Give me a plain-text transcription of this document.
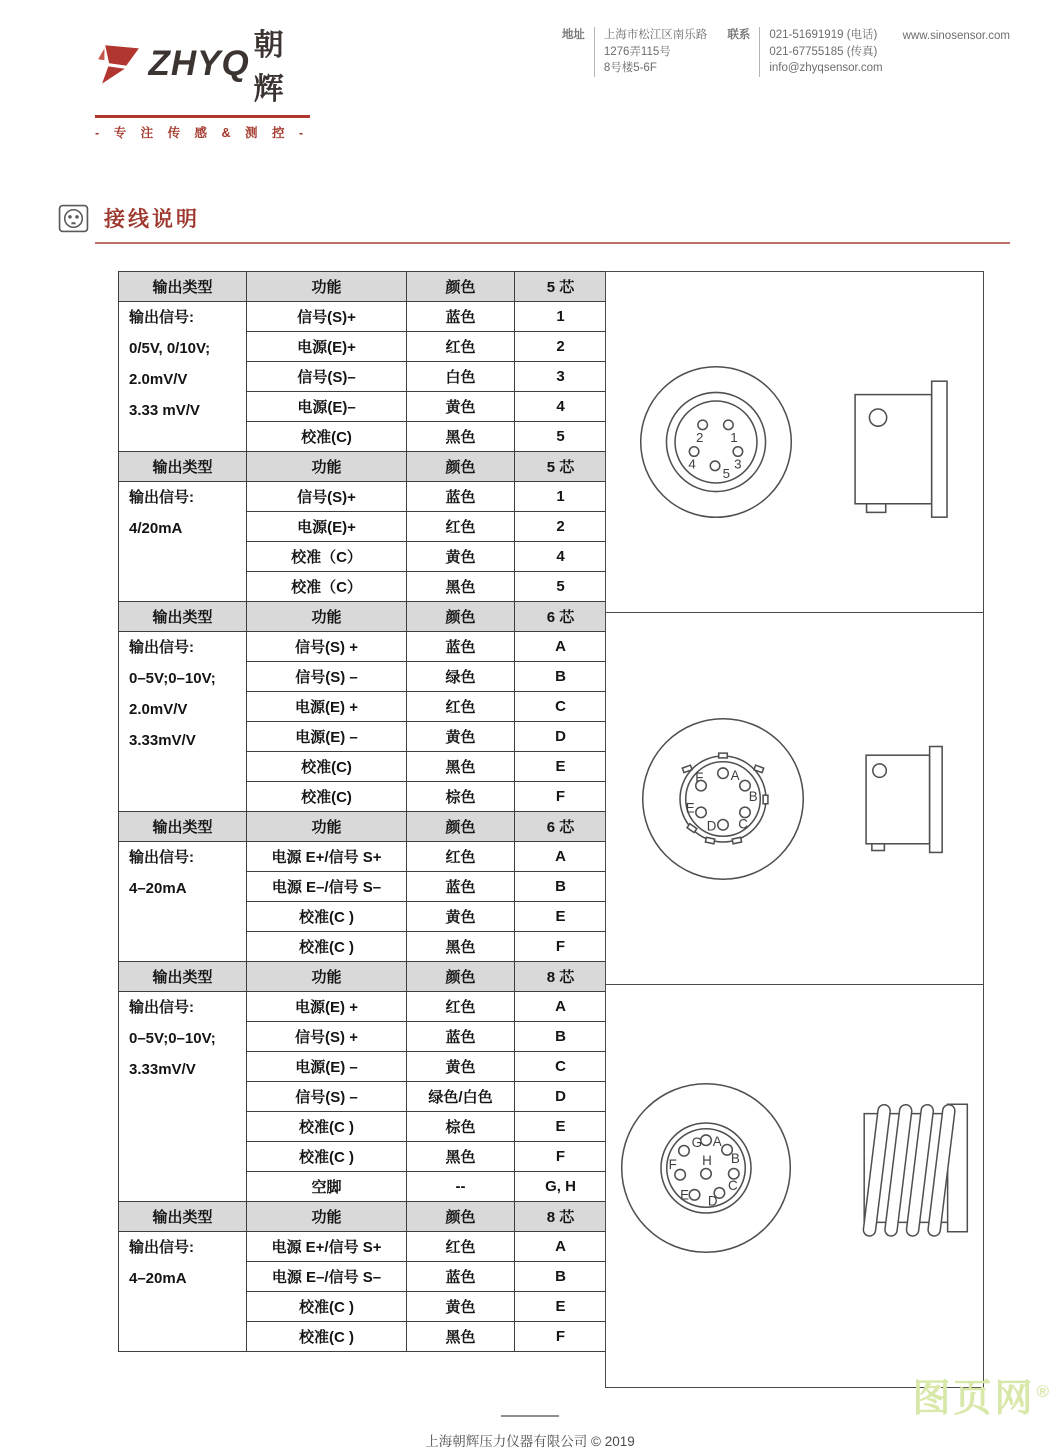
ZHYQ 朝辉
- 专 注 传 感 & 测 控 -
地址 上海市松江区南乐路
1276弄115号
8号楼5-6F
联系 021-51691919 (电话)
021-67755185 (传真)
info@zhyqsensor.com
www.sinosensor.com
接线说明
输出类型	功能	颜色	5 芯

输出信号:
0/5V, 0/10V;
2.0mV/V
3.33 mV/V	信号(S)+	蓝色	1
	电源(E)+	红色	2
	信号(S)–	白色	3
	电源(E)–	黄色	4
	校准(C)	黑色	5
输出类型	功能	颜色	5 芯

输出信号:
4/20mA	信号(S)+	蓝色	1
	电源(E)+	红色	2
	校准（C）	黄色	4
	校准（C）	黑色	5
输出类型	功能	颜色	6 芯

输出信号:
0–5V;0–10V;
2.0mV/V
3.33mV/V	信号(S) +	蓝色	A
	信号(S) –	绿色	B
	电源(E) +	红色	C
	电源(E) –	黄色	D
	校准(C)	黑色	E
	校准(C)	棕色	F
输出类型	功能	颜色	6 芯

输出信号:
4–20mA	电源 E+/信号 S+	红色	A
	电源 E–/信号 S–	蓝色	B
	校准(C )	黄色	E
	校准(C )	黑色	F
输出类型	功能	颜色	8 芯

输出信号:
0–5V;0–10V;
3.33mV/V	电源(E) +	红色	A
	信号(S) +	蓝色	B
	电源(E) –	黄色	C
	信号(S) –	绿色/白色	D
	校准(C )	棕色	E
	校准(C )	黑色	F
	空脚	--	G, H
输出类型	功能	颜色	8 芯

输出信号:
4–20mA	电源 E+/信号 S+	红色	A
	电源 E–/信号 S–	蓝色	B
	校准(C )	黄色	E
	校准(C )	黑色	F
1
2
3
4
5
A
B
C
D
E
F
A
B
C
D
E
F
G
H
上海朝辉压力仪器有限公司 © 2019
图页网®
